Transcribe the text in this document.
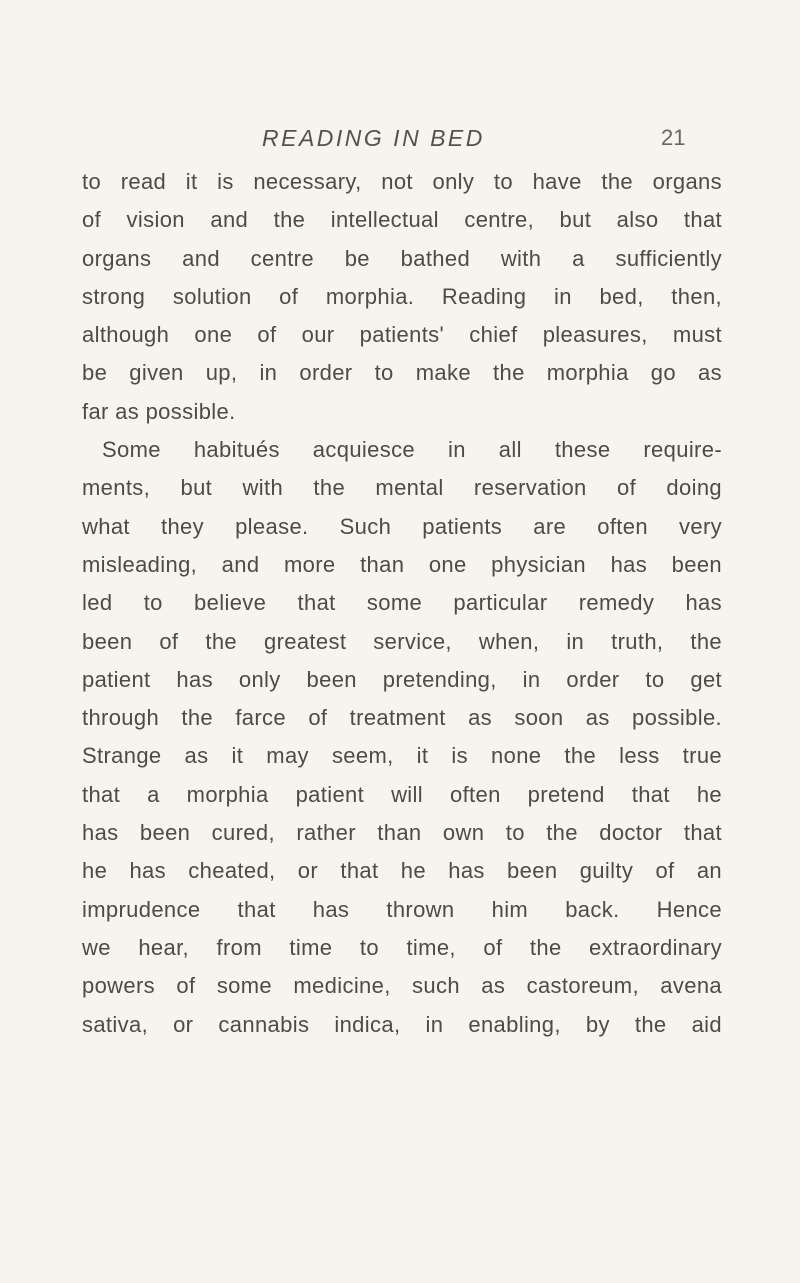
READING IN BED	21
to read it is necessary, not only to have the organs
of vision and the intellectual centre, but also that
organs and centre be bathed with a sufficiently
strong solution of morphia. Reading in bed, then,
although one of our patients' chief pleasures, must
be given up, in order to make the morphia go as
far as possible.
Some habitués acquiesce in all these require-
ments, but with the mental reservation of doing
what they please. Such patients are often very
misleading, and more than one physician has been
led to believe that some particular remedy has
been of the greatest service, when, in truth, the
patient has only been pretending, in order to get
through the farce of treatment as soon as possible.
Strange as it may seem, it is none the less true
that a morphia patient will often pretend that he
has been cured, rather than own to the doctor that
he has cheated, or that he has been guilty of an
imprudence that has thrown him back. Hence
we hear, from time to time, of the extraordinary
powers of some medicine, such as castoreum, avena
sativa, or cannabis indica, in enabling, by the aid
